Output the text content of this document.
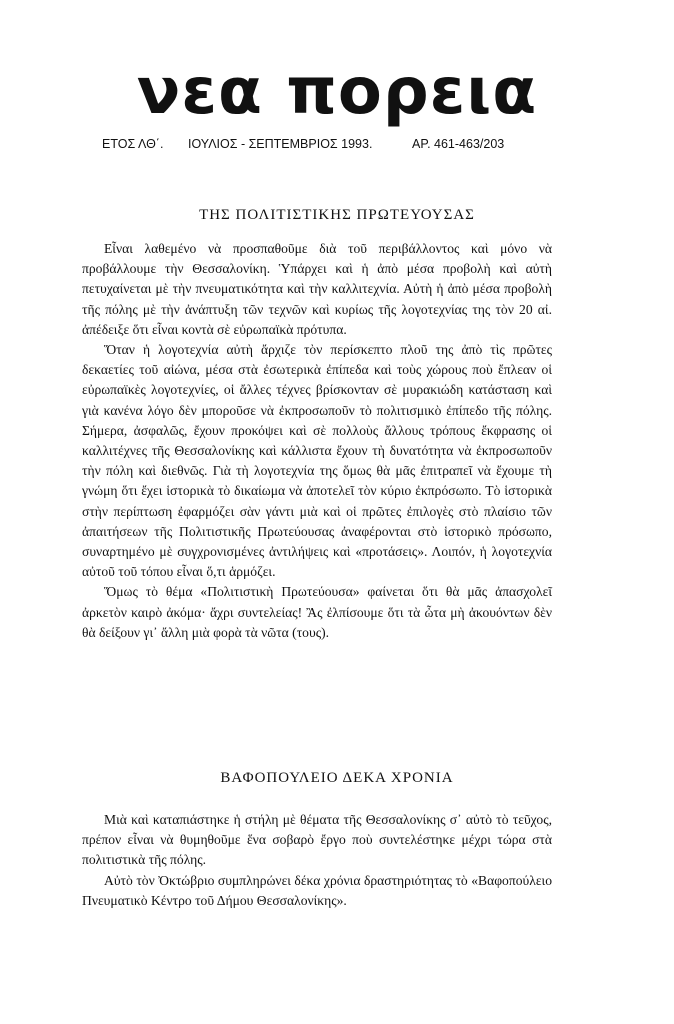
νεα πορεια
ΕΤΟΣ ΛΘ΄. ΙΟΥΛΙΟΣ - ΣΕΠΤΕΜΒΡΙΟΣ 1993.	ΑΡ. 461-463/203
ΤΗΣ ΠΟΛΙΤΙΣΤΙΚΗΣ ΠΡΩΤΕΥΟΥΣΑΣ

Εἶναι λαθεμένο νὰ προσπαθοῦμε διὰ τοῦ περιβάλλοντος καὶ μόνο νὰ προβάλλουμε τὴν Θεσσαλονίκη. Ὑπάρχει καὶ ἡ ἀπὸ μέσα προβολὴ καὶ αὐτὴ πετυχαίνεται μὲ τὴν πνευματικότητα καὶ τὴν καλλιτεχνία. Αὐτὴ ἡ ἀπὸ μέσα προβολὴ τῆς πόλης μὲ τὴν ἀνάπτυξη τῶν τεχνῶν καὶ κυρίως τῆς λογοτεχνίας της τὸν 20 αἰ. ἀπέδειξε ὅτι εἶναι κοντὰ σὲ εὐρωπαϊκὰ πρότυπα.

Ὅταν ἡ λογοτεχνία αὐτὴ ἄρχιζε τὸν περίσκεπτο πλοῦ της ἀπὸ τὶς πρῶτες δεκαετίες τοῦ αἰώνα, μέσα στὰ ἐσωτερικὰ ἐπίπεδα καὶ τοὺς χώρους ποὺ ἔπλεαν οἱ εὐρωπαϊκὲς λογοτεχνίες, οἱ ἄλλες τέχνες βρίσκονταν σὲ μυρακιώδη κατάσταση καὶ γιὰ κανένα λόγο δὲν μποροῦσε νὰ ἐκπροσωποῦν τὸ πολιτισμικὸ ἐπίπεδο τῆς πόλης. Σήμερα, ἀσφαλῶς, ἔχουν προκόψει καὶ σὲ πολλοὺς ἄλλους τρόπους ἔκφρασης οἱ καλλιτέχνες τῆς Θεσσαλονίκης καὶ κάλλιστα ἔχουν τὴ δυνατότητα νὰ ἐκπροσωποῦν τὴν πόλη καὶ διεθνῶς. Γιὰ τὴ λογοτεχνία της ὅμως θὰ μᾶς ἐπιτραπεῖ νὰ ἔχουμε τὴ γνώμη ὅτι ἔχει ἱστορικὰ τὸ δικαίωμα νὰ ἀποτελεῖ τὸν κύριο ἐκπρόσωπο. Τὸ ἱστορικὰ στὴν περίπτωση ἐφαρμόζει σὰν γάντι μιὰ καὶ οἱ πρῶτες ἐπιλογὲς στὸ πλαίσιο τῶν ἀπαιτήσεων τῆς Πολιτιστικῆς Πρωτεύουσας ἀναφέρονται στὸ ἱστορικὸ πρόσωπο, συναρτημένο μὲ συγχρονισμένες ἀντιλήψεις καὶ «προτάσεις». Λοιπόν, ἡ λογοτεχνία αὐτοῦ τοῦ τόπου εἶναι ὅ,τι ἁρμόζει.

Ὅμως τὸ θέμα «Πολιτιστικὴ Πρωτεύουσα» φαίνεται ὅτι θὰ μᾶς ἀπασχολεῖ ἀρκετὸν καιρὸ ἀκόμα· ἄχρι συντελείας! Ἂς ἐλπίσουμε ὅτι τὰ ὦτα μὴ ἀκουόντων δὲν θὰ δείξουν γι᾽ ἄλλη μιὰ φορὰ τὰ νῶτα (τους).

ΒΑΦΟΠΟΥΛΕΙΟ ΔΕΚΑ ΧΡΟΝΙΑ

Μιὰ καὶ καταπιάστηκε ἡ στήλη μὲ θέματα τῆς Θεσσαλονίκης σ᾽ αὐτὸ τὸ τεῦχος, πρέπον εἶναι νὰ θυμηθοῦμε ἕνα σοβαρὸ ἔργο ποὺ συντελέστηκε μέχρι τώρα στὰ πολιτιστικὰ τῆς πόλης.

Αὐτὸ τὸν Ὀκτώβριο συμπληρώνει δέκα χρόνια δραστηριότητας τὸ «Βαφοπούλειο Πνευματικὸ Κέντρο τοῦ Δήμου Θεσσαλονίκης».
